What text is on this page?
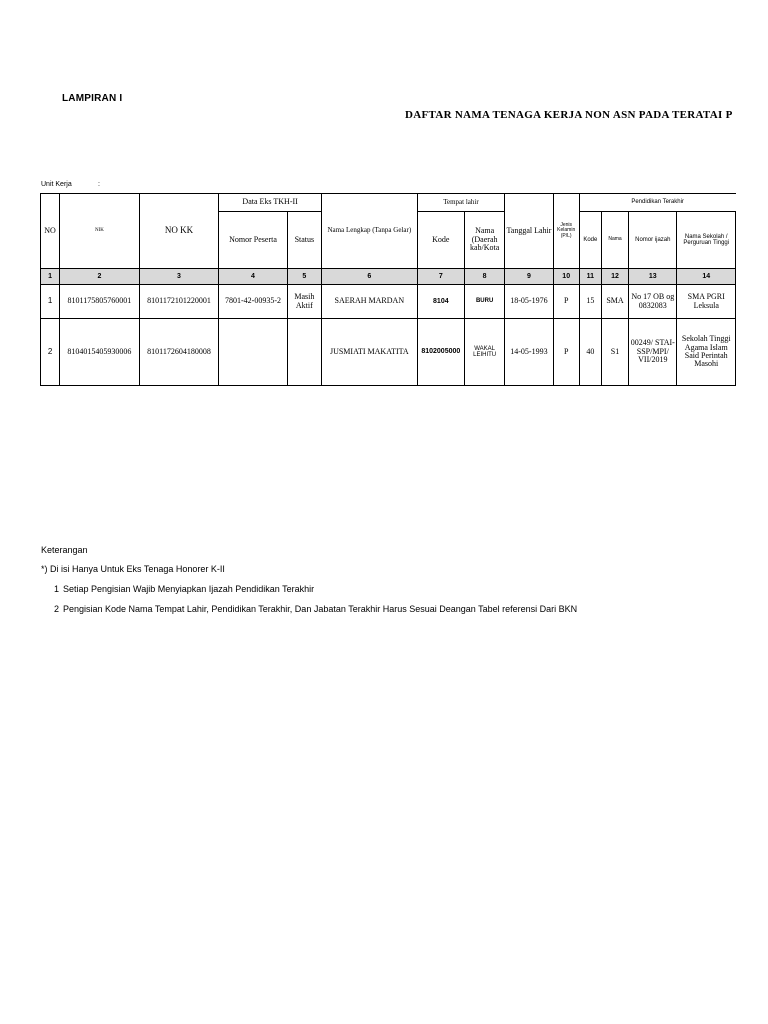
LAMPIRAN I
DAFTAR NAMA TENAGA KERJA NON ASN PADA TERATAI P
Unit Kerja	:
NO	NIK	NO KK	Data Eks TKH-II		Nama Lengkap (Tanpa Gelar)	Tempat lahir		Tanggal Lahir	Jenis Kelamin (P/L)	Pendidikan Terakhir			
			Nomor Peserta	Status		Kode	Nama (Daerah kab/Kota			Kode	Nama	Nomor ijazah	Nama Sekolah / Perguruan Tinggi
1	2	3	4	5	6	7	8	9	10	11	12	13	14
1	8101175805760001	8101172101220001	7801-42-00935-2	Masih Aktif	SAERAH MARDAN	8104	BURU	18-05-1976	P	15	SMA	No 17 OB og 0832083	SMA PGRI Leksula
2	8104015405930006	8101172604180008			JUSMIATI MAKATITA	8102005000	WAKAL LEIHITU	14-05-1993	P	40	S1	00249/ STAI-SSP/MPI/ VII/2019	Sekolah Tinggi Agama Islam Said Perintah Masohi
Keterangan
*) Di isi Hanya Untuk Eks Tenaga Honorer K-II
1 Setiap Pengisian Wajib Menyiapkan Ijazah Pendidikan Terakhir
2 Pengisian Kode Nama Tempat Lahir, Pendidikan Terakhir, Dan Jabatan Terakhir Harus Sesuai Deangan Tabel referensi Dari BKN
